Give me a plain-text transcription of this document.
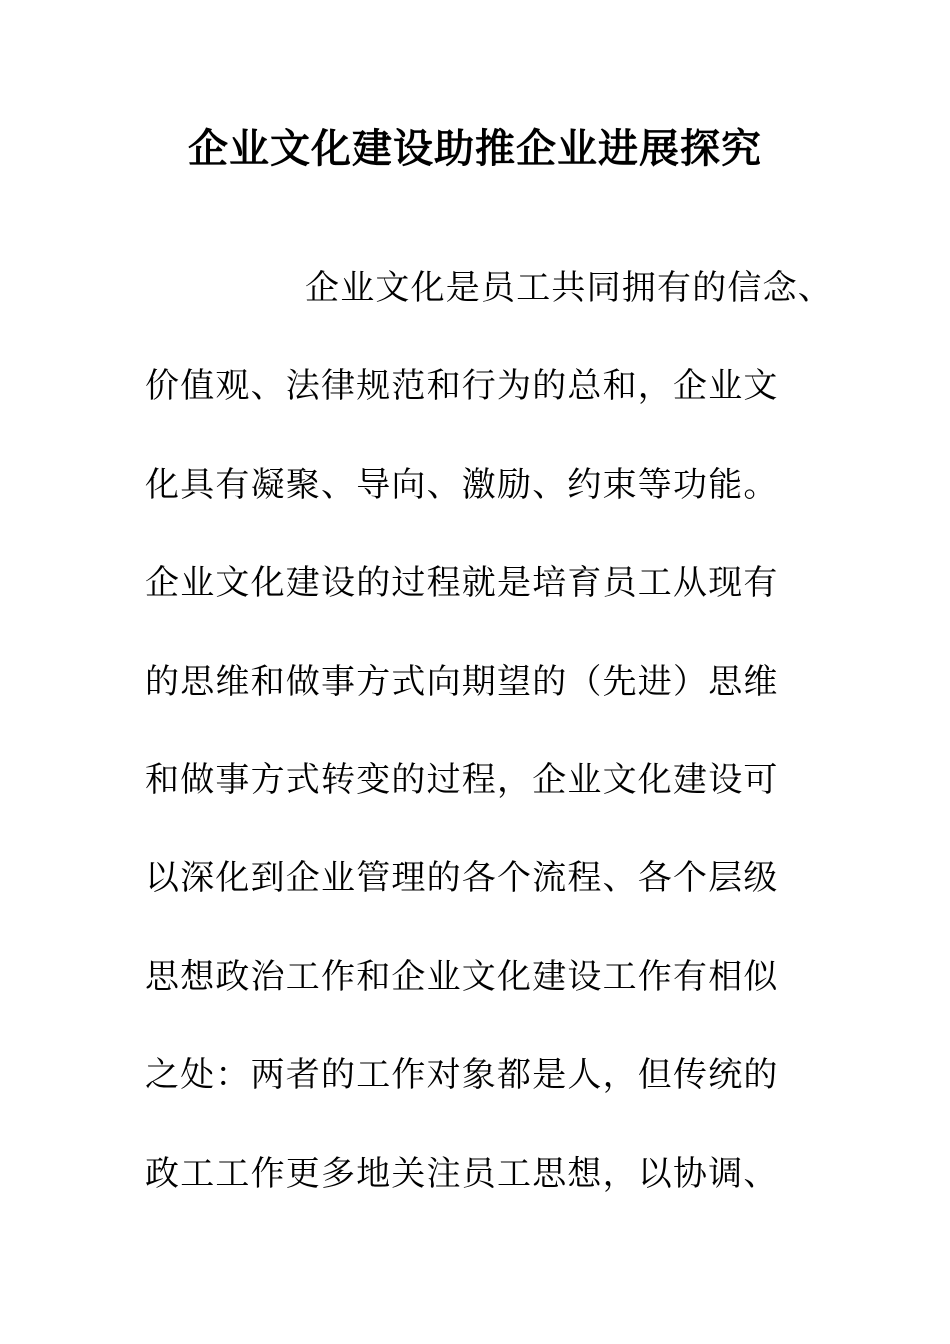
企业文化建设助推企业进展探究
企业文化是员工共同拥有的信念、
价值观、法律规范和行为的总和，企业文
化具有凝聚、导向、激励、约束等功能。
企业文化建设的过程就是培育员工从现有
的思维和做事方式向期望的（先进）思维
和做事方式转变的过程，企业文化建设可
以深化到企业管理的各个流程、各个层级
思想政治工作和企业文化建设工作有相似
之处：两者的工作对象都是人，但传统的
政工工作更多地关注员工思想，以协调、
